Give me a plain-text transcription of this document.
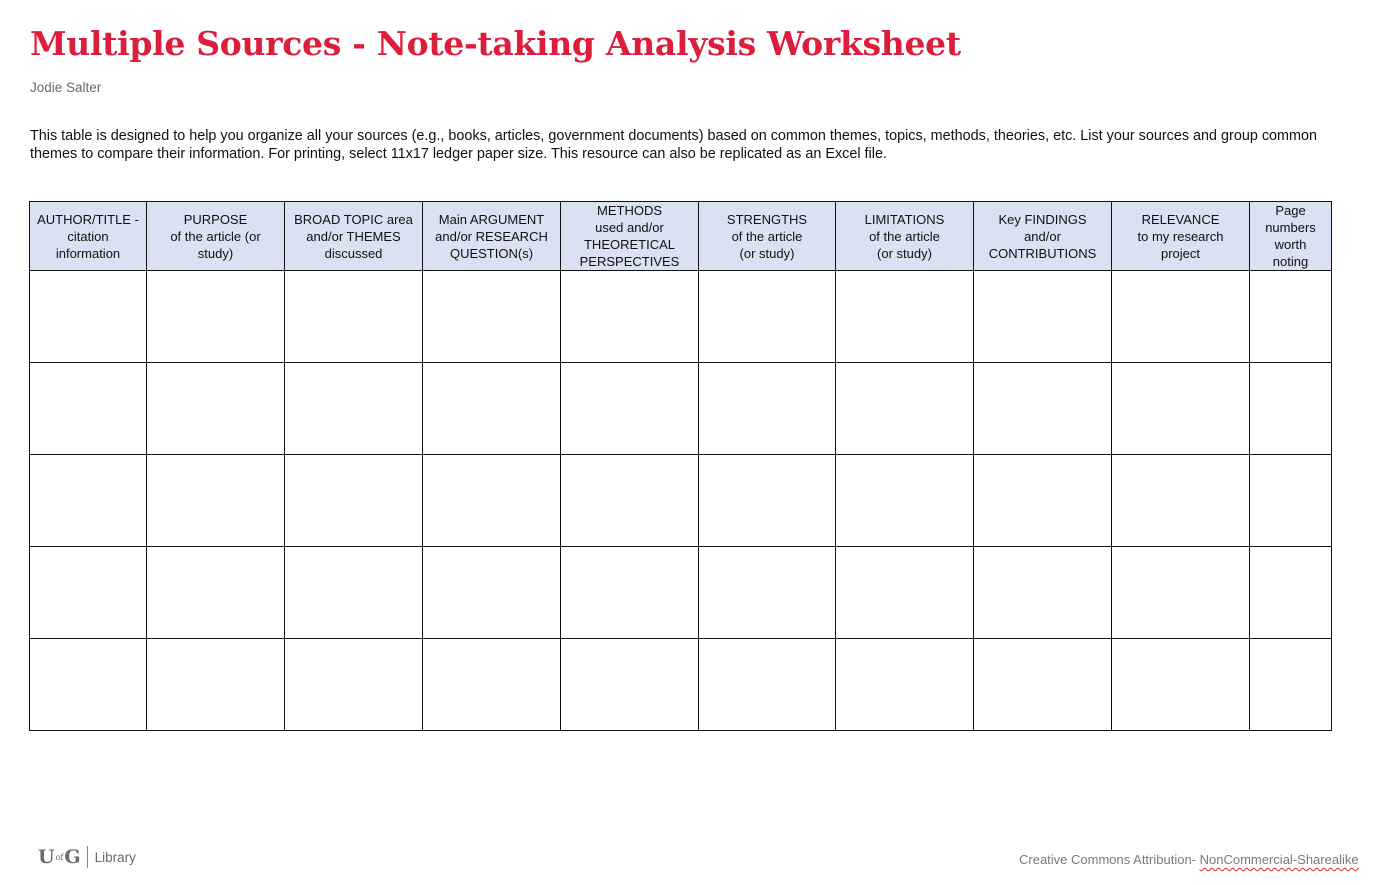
Multiple Sources - Note-taking Analysis Worksheet
Jodie Salter
This table is designed to help you organize all your sources (e.g., books, articles, government documents) based on common themes, topics, methods, theories, etc. List your sources and group common themes to compare their information. For printing, select 11x17 ledger paper size. This resource can also be replicated as an Excel file.
AUTHOR/TITLE -
citation
information	PURPOSE
of the article (or
study)	BROAD TOPIC area
and/or THEMES
discussed	Main ARGUMENT
and/or RESEARCH
QUESTION(s)	METHODS
used and/or
THEORETICAL
PERSPECTIVES	STRENGTHS
of the article
(or study)	LIMITATIONS
of the article
(or study)	Key FINDINGS
and/or
CONTRIBUTIONS	RELEVANCE
to my research
project	Page
numbers
worth
noting

U of G Library	Creative Commons Attribution- NonCommercial-Sharealike
